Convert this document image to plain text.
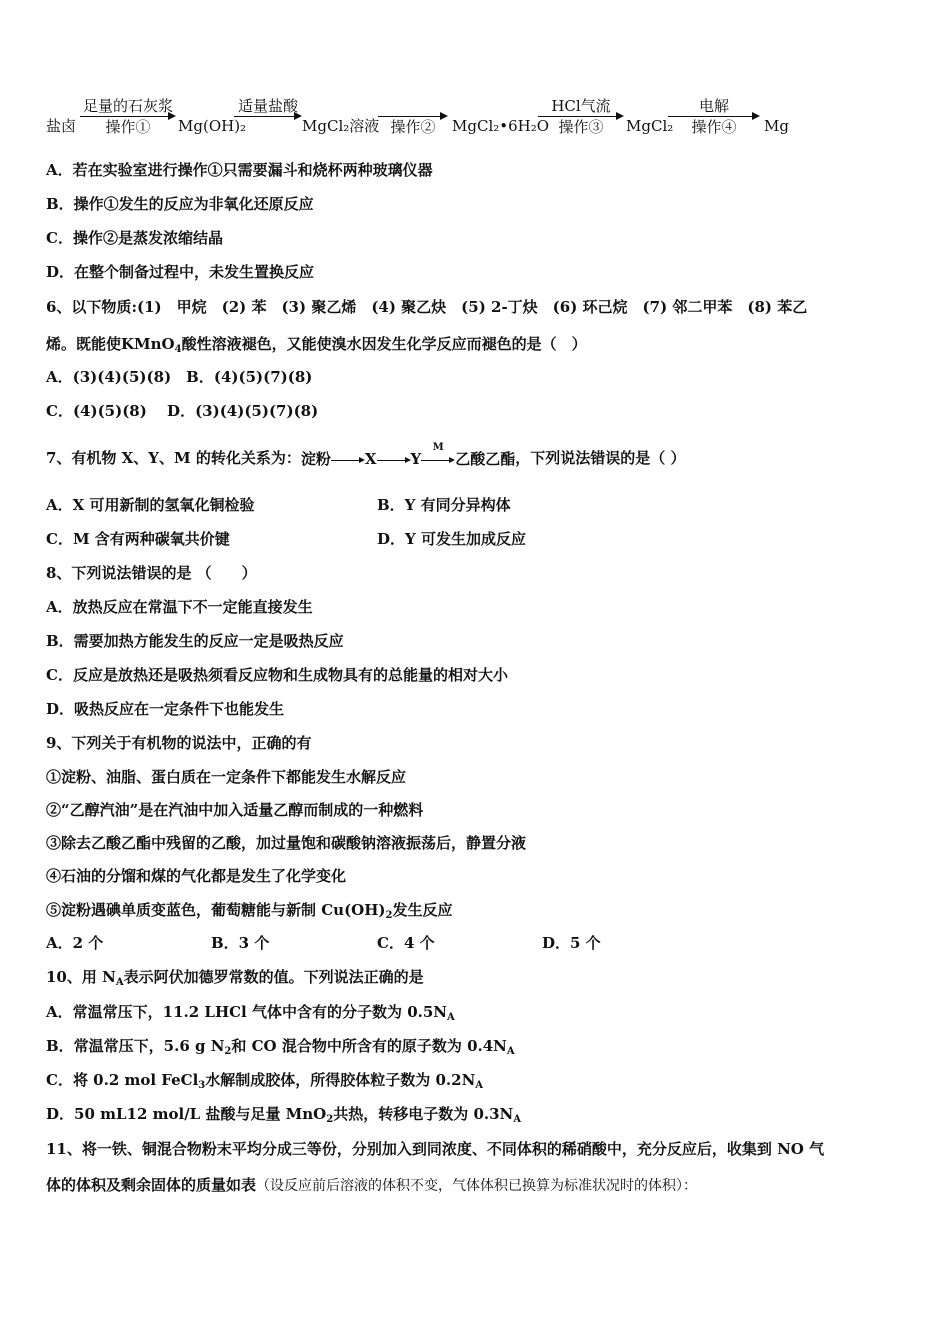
盐卤
足量的石灰浆
操作①	Mg(OH)₂
适量盐酸
MgCl₂溶液 操作②	MgCl₂•6H₂O
HCl气流
操作③	MgCl₂
电解
操作④	Mg
A．若在实验室进行操作①只需要漏斗和烧杯两种玻璃仪器
B．操作①发生的反应为非氧化还原反应
C．操作②是蒸发浓缩结晶
D．在整个制备过程中，未发生置换反应
6、以下物质:(1)　甲烷　(2) 苯　(3) 聚乙烯　(4) 聚乙炔　(5) 2-丁炔　(6) 环己烷　(7) 邻二甲苯　(8) 苯乙
烯。既能使KMnO$_4$酸性溶液褪色，又能使溴水因发生化学反应而褪色的是（　）
A．(3)(4)(5)(8)　B．(4)(5)(7)(8)
C．(4)(5)(8)　 D．(3)(4)(5)(7)(8)
7、有机物 X、Y、M 的转化关系为：淀粉 X Y
M
乙酸乙酯，下列说法错误的是（ ）
A．X 可用新制的氢氧化铜检验	B．Y 有同分异构体
C．M 含有两种碳氧共价键	D．Y 可发生加成反应
8、下列说法错误的是 （　　）
A．放热反应在常温下不一定能直接发生
B．需要加热方能发生的反应一定是吸热反应
C．反应是放热还是吸热须看反应物和生成物具有的总能量的相对大小
D．吸热反应在一定条件下也能发生
9、下列关于有机物的说法中，正确的有
①淀粉、油脂、蛋白质在一定条件下都能发生水解反应
②“乙醇汽油”是在汽油中加入适量乙醇而制成的一种燃料
③除去乙酸乙酯中残留的乙酸，加过量饱和碳酸钠溶液振荡后，静置分液
④石油的分馏和煤的气化都是发生了化学变化
⑤淀粉遇碘单质变蓝色，葡萄糖能与新制 $Cu(OH)_2$发生反应
A．2 个	B．3 个	C．4 个	D．5 个
10、用 $N_A$表示阿伏加德罗常数的值。下列说法正确的是
A．常温常压下，11.2 LHCl 气体中含有的分子数为 $0.5N_A$
B．常温常压下，5.6 g $N_2$和 CO 混合物中所含有的原子数为 $0.4N_A$
C．将 0.2 mol FeCl$_3$水解制成胶体，所得胶体粒子数为 $0.2N_A$
D．50 mL12 mol/L 盐酸与足量 MnO$_2$共热，转移电子数为 $0.3N_A$
11、将一铁、铜混合物粉末平均分成三等份，分别加入到同浓度、不同体积的稀硝酸中，充分反应后，收集到 NO 气
体的体积及剩余固体的质量如表（设反应前后溶液的体积不变，气体体积已换算为标准状况时的体积）：
